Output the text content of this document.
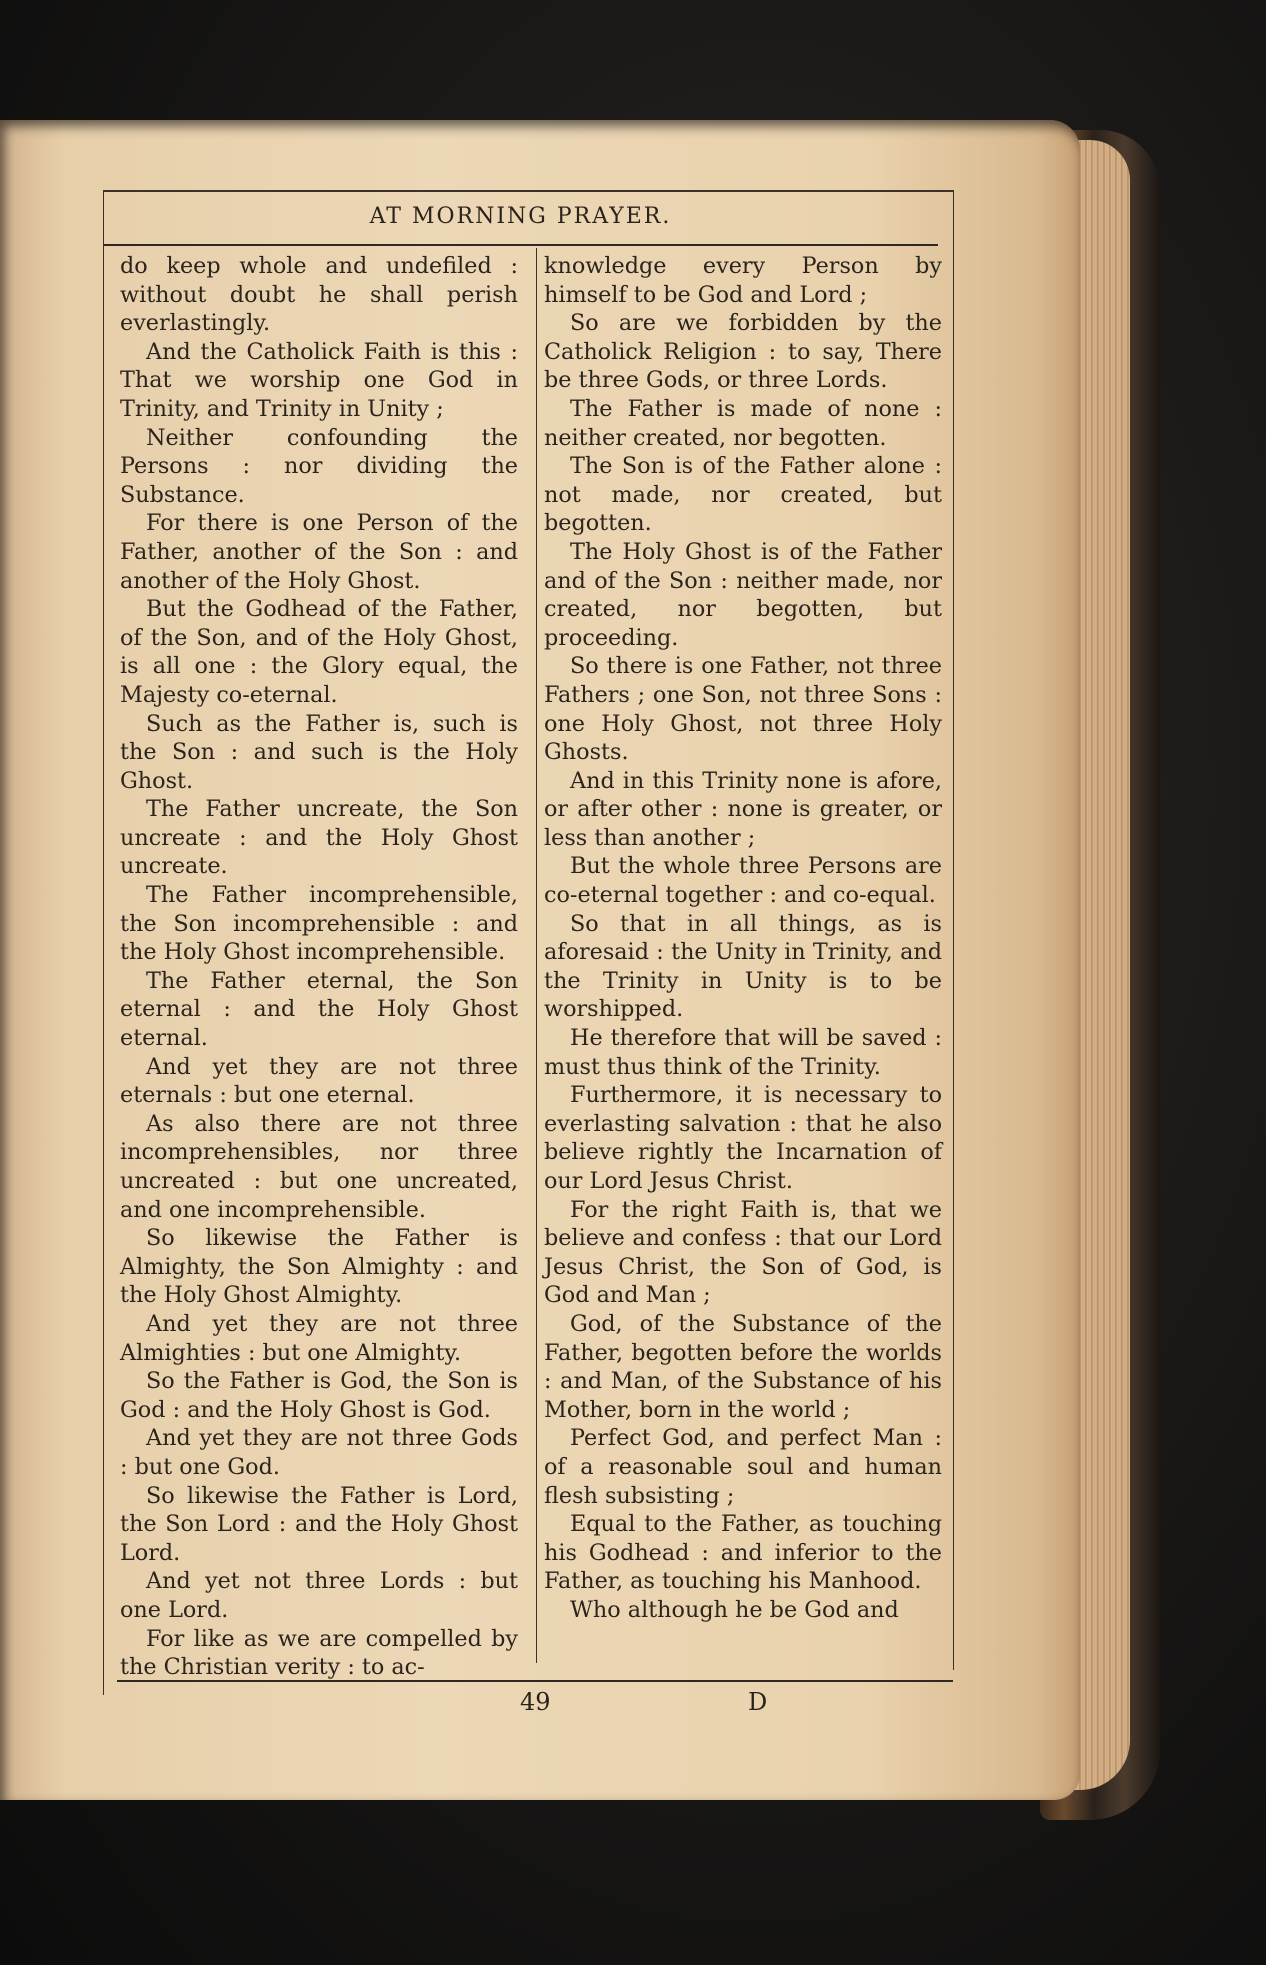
AT MORNING PRAYER.

do keep whole and undefiled : without doubt he shall perish everlastingly.

And the Catholick Faith is this : That we worship one God in Trinity, and Trinity in Unity ;

Neither confounding the Persons : nor dividing the Substance.

For there is one Person of the Father, another of the Son : and another of the Holy Ghost.

But the Godhead of the Father, of the Son, and of the Holy Ghost, is all one : the Glory equal, the Majesty co-eternal.

Such as the Father is, such is the Son : and such is the Holy Ghost.

The Father uncreate, the Son uncreate : and the Holy Ghost uncreate.

The Father incomprehensible, the Son incomprehensible : and the Holy Ghost incomprehensible.

The Father eternal, the Son eternal : and the Holy Ghost eternal.

And yet they are not three eternals : but one eternal.

As also there are not three incomprehensibles, nor three uncreated : but one uncreated, and one incomprehensible.

So likewise the Father is Almighty, the Son Almighty : and the Holy Ghost Almighty.

And yet they are not three Almighties : but one Almighty.

So the Father is God, the Son is God : and the Holy Ghost is God.

And yet they are not three Gods : but one God.

So likewise the Father is Lord, the Son Lord : and the Holy Ghost Lord.

And yet not three Lords : but one Lord.

For like as we are compelled by the Christian verity : to ac-

knowledge every Person by himself to be God and Lord ;

So are we forbidden by the Catholick Religion : to say, There be three Gods, or three Lords.

The Father is made of none : neither created, nor begotten.

The Son is of the Father alone : not made, nor created, but begotten.

The Holy Ghost is of the Father and of the Son : neither made, nor created, nor begotten, but proceeding.

So there is one Father, not three Fathers ; one Son, not three Sons : one Holy Ghost, not three Holy Ghosts.

And in this Trinity none is afore, or after other : none is greater, or less than another ;

But the whole three Persons are co-eternal together : and co-equal.

So that in all things, as is aforesaid : the Unity in Trinity, and the Trinity in Unity is to be worshipped.

He therefore that will be saved : must thus think of the Trinity.

Furthermore, it is necessary to everlasting salvation : that he also believe rightly the Incarnation of our Lord Jesus Christ.

For the right Faith is, that we believe and confess : that our Lord Jesus Christ, the Son of God, is God and Man ;

God, of the Substance of the Father, begotten before the worlds : and Man, of the Substance of his Mother, born in the world ;

Perfect God, and perfect Man : of a reasonable soul and human flesh subsisting ;

Equal to the Father, as touching his Godhead : and inferior to the Father, as touching his Manhood.

Who although he be God and

49	D
